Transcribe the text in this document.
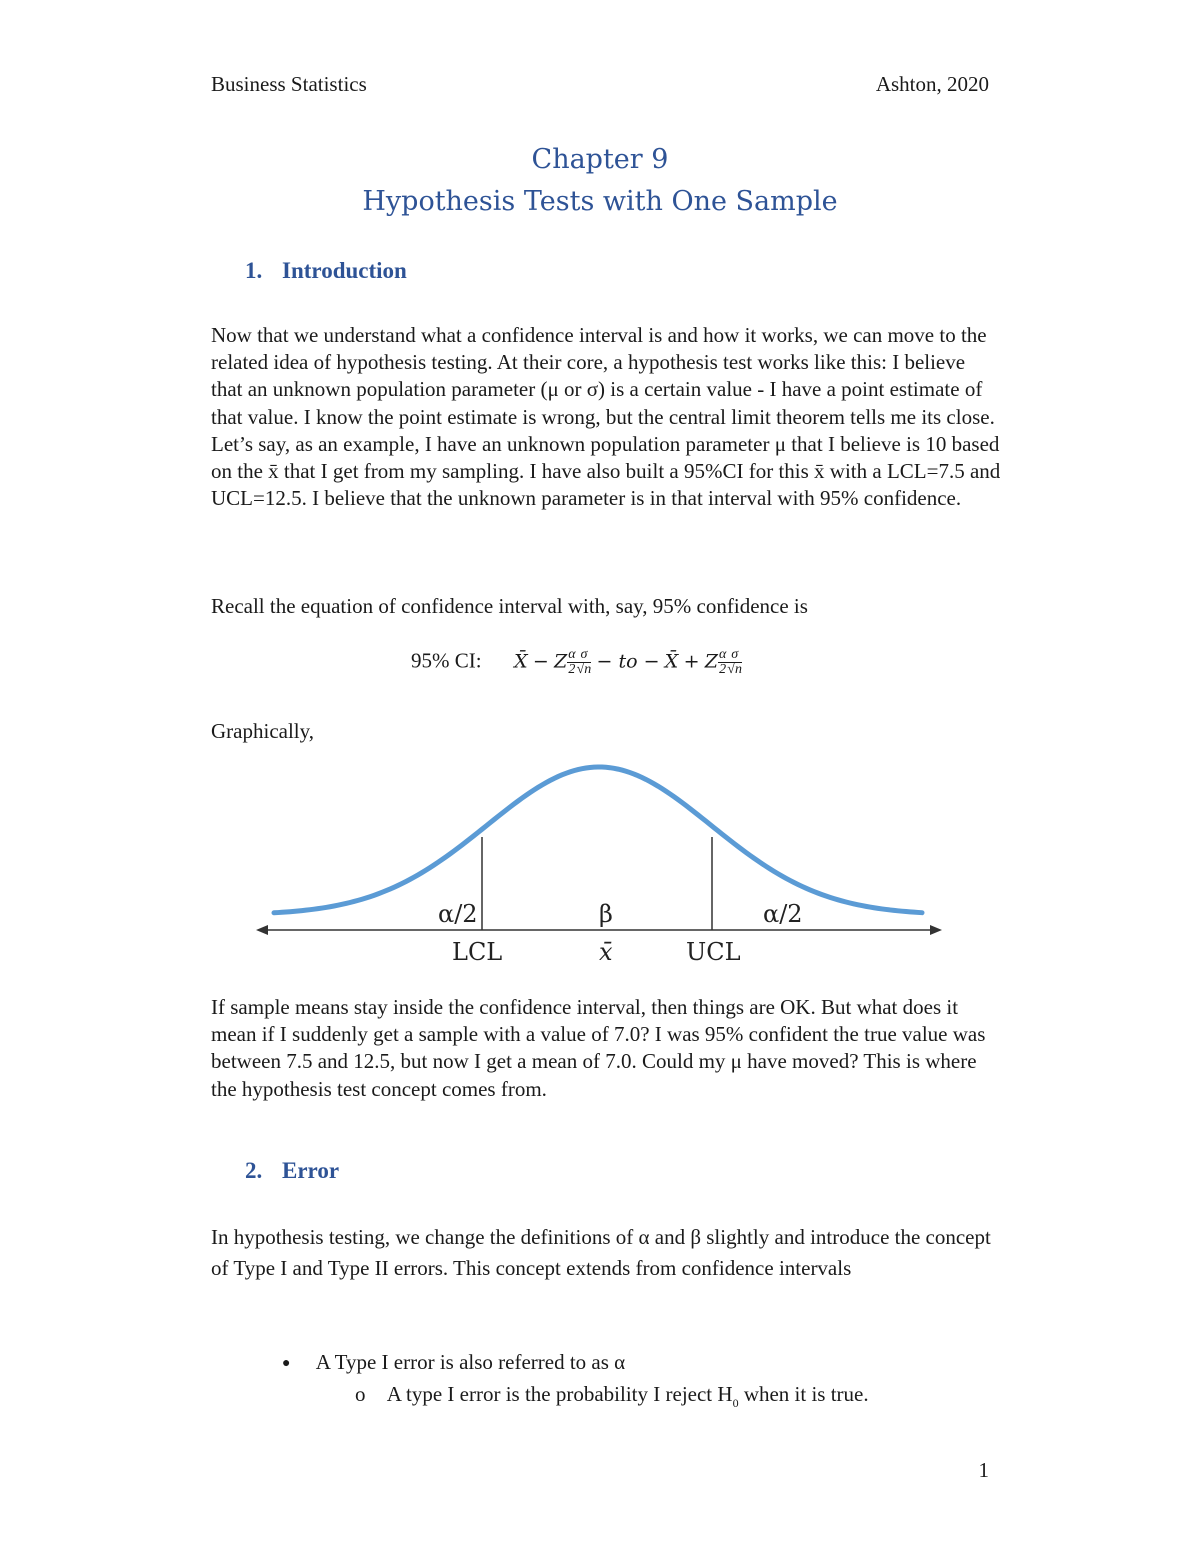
Business Statistics	Ashton, 2020
Chapter 9
Hypothesis Tests with One Sample
1. Introduction
Now that we understand what a confidence interval is and how it works, we can move to the related idea of hypothesis testing. At their core, a hypothesis test works like this: I believe that an unknown population parameter (μ or σ) is a certain value - I have a point estimate of that value. I know the point estimate is wrong, but the central limit theorem tells me its close. Let’s say, as an example, I have an unknown population parameter μ that I believe is 10 based on the x̄ that I get from my sampling. I have also built a 95%CI for this x̄ with a LCL=7.5 and UCL=12.5. I believe that the unknown parameter is in that interval with 95% confidence.
Recall the equation of confidence interval with, say, 95% confidence is
95% CI: X̄ − Z $\frac{\alpha}{2} \frac{\sigma}{√n}$ − to − X̄ + Z $\frac{\alpha}{2} \frac{\sigma}{√n}$
Graphically,
α/2	β	α/2
LCL	x̄	UCL
If sample means stay inside the confidence interval, then things are OK. But what does it mean if I suddenly get a sample with a value of 7.0? I was 95% confident the true value was between 7.5 and 12.5, but now I get a mean of 7.0. Could my μ have moved? This is where the hypothesis test concept comes from.
2. Error
In hypothesis testing, we change the definitions of α and β slightly and introduce the concept of Type I and Type II errors. This concept extends from confidence intervals
● A Type I error is also referred to as α
o A type I error is the probability I reject $H_0$ when it is true.
1
